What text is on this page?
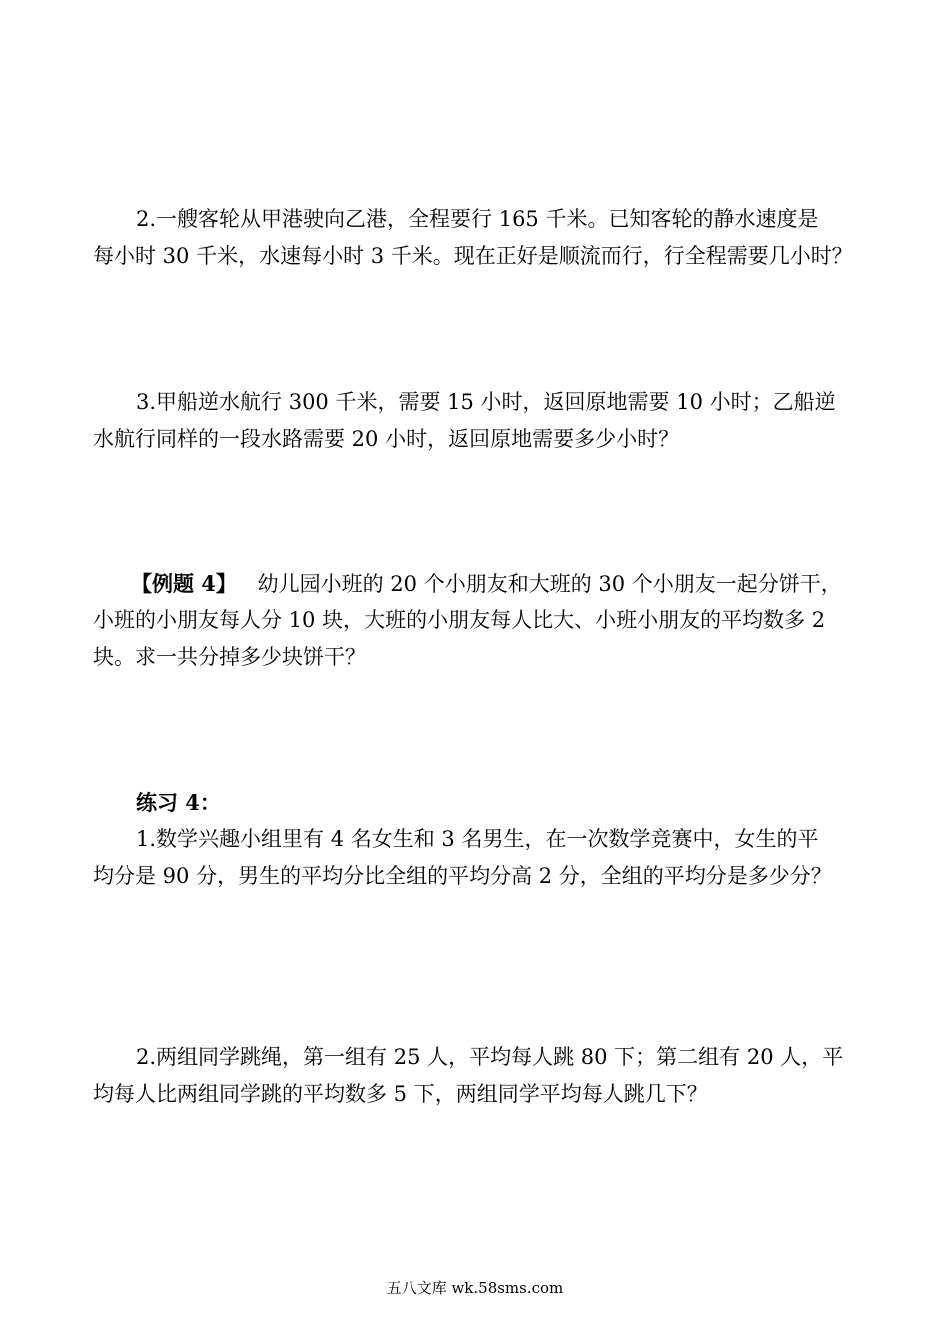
2.一艘客轮从甲港驶向乙港，全程要行 165 千米。已知客轮的静水速度是
每小时 30 千米，水速每小时 3 千米。现在正好是顺流而行，行全程需要几小时？
3.甲船逆水航行 300 千米，需要 15 小时，返回原地需要 10 小时；乙船逆
水航行同样的一段水路需要 20 小时，返回原地需要多少小时？
【例题 4】 幼儿园小班的 20 个小朋友和大班的 30 个小朋友一起分饼干，
小班的小朋友每人分 10 块，大班的小朋友每人比大、小班小朋友的平均数多 2
块。求一共分掉多少块饼干？
练习 4：
1.数学兴趣小组里有 4 名女生和 3 名男生，在一次数学竞赛中，女生的平
均分是 90 分，男生的平均分比全组的平均分高 2 分，全组的平均分是多少分？
2.两组同学跳绳，第一组有 25 人，平均每人跳 80 下；第二组有 20 人，平
均每人比两组同学跳的平均数多 5 下，两组同学平均每人跳几下？
五八文库 wk.58sms.com
